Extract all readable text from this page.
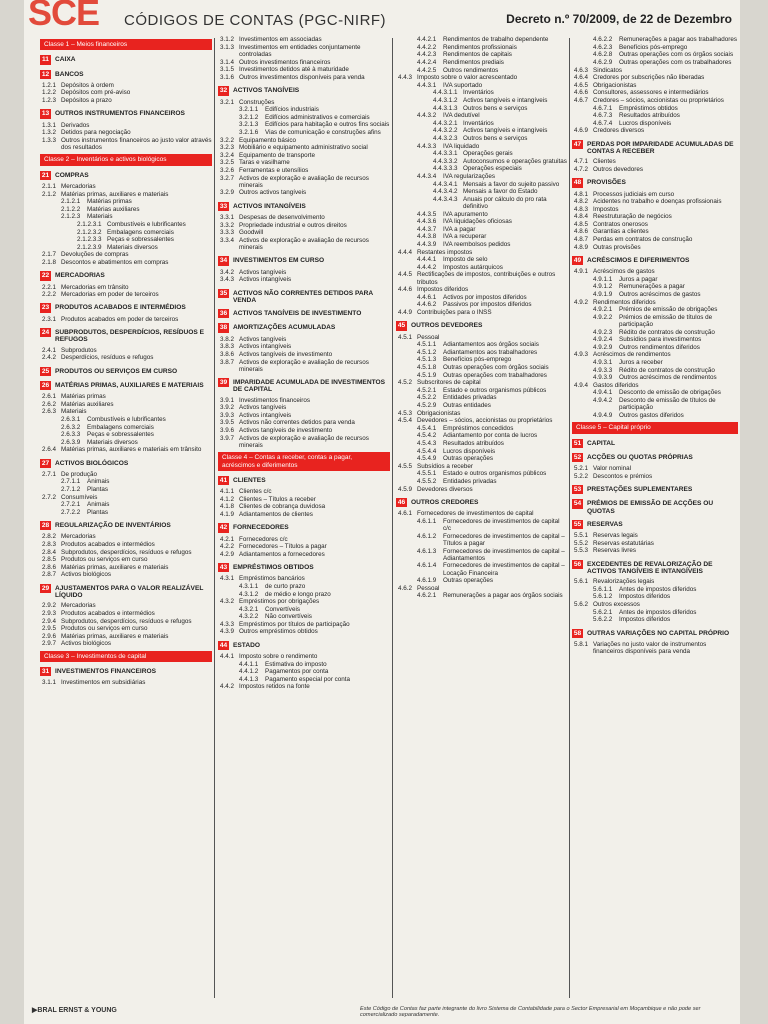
SCE CÓDIGOS DE CONTAS (PGC-NIRF)	Decreto n.º 70/2009, de 22 de Dezembro
Classe 1 – Meios financeiros
11 CAIXA
12 BANCOS
1.2.1 Depósitos à ordem
1.2.2 Depósitos com pré-aviso
1.2.3 Depósitos a prazo
13 OUTROS INSTRUMENTOS FINANCEIROS
1.3.1 Derivados
1.3.2 Detidos para negociação
1.3.3 Outros instrumentos financeiros ao justo valor através dos resultados
Classe 2 – Inventários e activos biológicos
21 COMPRAS
2.1.1 Mercadorias
2.1.2 Matérias primas, auxiliares e materiais
2.1.2.1	Matérias primas
2.1.2.2	Matérias auxiliares
2.1.2.3	Materiais
2.1.2.3.1 Combustíveis e lubrificantes
2.1.2.3.2 Embalagens comerciais
2.1.2.3.3 Peças e sobressalentes
2.1.2.3.9 Materiais diversos
2.1.7 Devoluções de compras
2.1.8 Descontos e abatimentos em compras
22 MERCADORIAS
2.2.1 Mercadorias em trânsito
2.2.2 Mercadorias em poder de terceiros
23 PRODUTOS ACABADOS E INTERMÉDIOS
2.3.1 Produtos acabados em poder de terceiros
24 SUBPRODUTOS, DESPERDÍCIOS, RESÍDUOS E REFUGOS
2.4.1 Subprodutos
2.4.2 Desperdícios, resíduos e refugos
25 PRODUTOS OU SERVIÇOS EM CURSO
26 MATÉRIAS PRIMAS, AUXILIARES E MATERIAIS
2.6.1 Matérias primas
2.6.2 Matérias auxiliares
2.6.3 Materiais
2.6.3.1	Combustíveis e lubrificantes
2.6.3.2	Embalagens comerciais
2.6.3.3	Peças e sobressalentes
2.6.3.9	Materiais diversos
2.6.4 Matérias primas, auxiliares e materiais em trânsito
27 ACTIVOS BIOLÓGICOS
2.7.1 De produção
2.7.1.1	Animais
2.7.1.2	Plantas
2.7.2 Consumíveis
2.7.2.1	Animais
2.7.2.2	Plantas
28 REGULARIZAÇÃO DE INVENTÁRIOS
2.8.2 Mercadorias
2.8.3 Produtos acabados e intermédios
2.8.4 Subprodutos, desperdícios, resíduos e refugos
2.8.5 Produtos ou serviços em curso
2.8.6 Matérias primas, auxiliares e materiais
2.8.7 Activos biológicos
29 AJUSTAMENTOS PARA O VALOR REALIZÁVEL LÍQUIDO
2.9.2 Mercadorias
2.9.3 Produtos acabados e intermédios
2.9.4 Subprodutos, desperdícios, resíduos e refugos
2.9.5 Produtos ou serviços em curso
2.9.6 Matérias primas, auxiliares e materiais
2.9.7 Activos biológicos
Classe 3 – Investimentos de capital
31 INVESTIMENTOS FINANCEIROS
3.1.1 Investimentos em subsidiárias
3.1.2 Investimentos em associadas
3.1.3 Investimentos em entidades conjuntamente controladas
3.1.4 Outros investimentos financeiros
3.1.5 Investimentos detidos até à maturidade
3.1.6 Outros investimentos disponíveis para venda
32 ACTIVOS TANGÍVEIS
3.2.1 Construções
3.2.1.1	Edifícios industriais
3.2.1.2	Edifícios administrativos e comerciais
3.2.1.3	Edifícios para habitação e outros fins sociais
3.2.1.6	Vias de comunicação e construções afins
3.2.2 Equipamento básico
3.2.3 Mobiliário e equipamento administrativo social
3.2.4 Equipamento de transporte
3.2.5 Taras e vasilhame
3.2.6 Ferramentas e utensílios
3.2.7 Activos de exploração e avaliação de recursos minerais
3.2.9 Outros activos tangíveis
33 ACTIVOS INTANGÍVEIS
3.3.1 Despesas de desenvolvimento
3.3.2 Propriedade industrial e outros direitos
3.3.3 Goodwill
3.3.4 Activos de exploração e avaliação de recursos minerais
34 INVESTIMENTOS EM CURSO
3.4.2 Activos tangíveis
3.4.3 Activos intangíveis
35 ACTIVOS NÃO CORRENTES DETIDOS PARA VENDA
36 ACTIVOS TANGÍVEIS DE INVESTIMENTO
38 AMORTIZAÇÕES ACUMULADAS
3.8.2 Activos tangíveis
3.8.3 Activos intangíveis
3.8.6 Activos tangíveis de investimento
3.8.7 Activos de exploração e avaliação de recursos minerais
39 IMPARIDADE ACUMULADA DE INVESTIMENTOS DE CAPITAL
3.9.1 Investimentos financeiros
3.9.2 Activos tangíveis
3.9.3 Activos intangíveis
3.9.5 Activos não correntes detidos para venda
3.9.6 Activos tangíveis de investimento
3.9.7 Activos de exploração e avaliação de recursos minerais
Classe 4 – Contas a receber, contas a pagar, acréscimos e diferimentos
41 CLIENTES
4.1.1 Clientes c/c
4.1.2 Clientes – Títulos a receber
4.1.8 Clientes de cobrança duvidosa
4.1.9 Adiantamentos de clientes
42 FORNECEDORES
4.2.1 Fornecedores c/c
4.2.2 Fornecedores – Títulos a pagar
4.2.9 Adiantamentos a fornecedores
43 EMPRÉSTIMOS OBTIDOS
4.3.1 Empréstimos bancários
4.3.1.1	de curto prazo
4.3.1.2	de médio e longo prazo
4.3.2 Empréstimos por obrigações
4.3.2.1	Convertíveis
4.3.2.2	Não convertíveis
4.3.3 Empréstimos por títulos de participação
4.3.9 Outros empréstimos obtidos
44 ESTADO
4.4.1 Imposto sobre o rendimento
4.4.1.1	Estimativa do imposto
4.4.1.2	Pagamentos por conta
4.4.1.3	Pagamento especial por conta
4.4.2 Impostos retidos na fonte
4.4.2.1	Rendimentos de trabalho dependente
4.4.2.2	Rendimentos profissionais
4.4.2.3	Rendimentos de capitais
4.4.2.4	Rendimentos prediais
4.4.2.5	Outros rendimentos
4.4.3 Imposto sobre o valor acrescentado
4.4.3.1	IVA suportado
4.4.3.1.1 Inventários
4.4.3.1.2 Activos tangíveis e intangíveis
4.4.3.1.3 Outros bens e serviços
4.4.3.2	IVA dedutível
4.4.3.2.1 Inventários
4.4.3.2.2 Activos tangíveis e intangíveis
4.4.3.2.3 Outros bens e serviços
4.4.3.3	IVA liquidado
4.4.3.3.1 Operações gerais
4.4.3.3.2 Autoconsumos e operações gratuitas
4.4.3.3.3 Operações especiais
4.4.3.4	IVA regularizações
4.4.3.4.1 Mensais a favor do sujeito passivo
4.4.3.4.2 Mensais a favor do Estado
4.4.3.4.3 Anuais por cálculo do pro rata definitivo
4.4.3.5	IVA apuramento
4.4.3.6	IVA liquidações oficiosas
4.4.3.7	IVA a pagar
4.4.3.8	IVA a recuperar
4.4.3.9	IVA reembolsos pedidos
4.4.4 Restantes impostos
4.4.4.1	Imposto de selo
4.4.4.2	Impostos autárquicos
4.4.5 Rectificações de impostos, contribuições e outros tributos
4.4.6 Impostos diferidos
4.4.6.1	Activos por impostos diferidos
4.4.6.2	Passivos por impostos diferidos
4.4.9 Contribuições para o INSS
45 OUTROS DEVEDORES
4.5.1 Pessoal
4.5.1.1	Adiantamentos aos órgãos sociais
4.5.1.2	Adiantamentos aos trabalhadores
4.5.1.3	Benefícios pós-emprego
4.5.1.8	Outras operações com órgãos sociais
4.5.1.9	Outras operações com trabalhadores
4.5.2 Subscritores de capital
4.5.2.1	Estado e outros organismos públicos
4.5.2.2	Entidades privadas
4.5.2.9	Outras entidades
4.5.3 Obrigacionistas
4.5.4 Devedores – sócios, accionistas ou proprietários
4.5.4.1	Empréstimos concedidos
4.5.4.2	Adiantamento por conta de lucros
4.5.4.3	Resultados atribuídos
4.5.4.4	Lucros disponíveis
4.5.4.9	Outras operações
4.5.5 Subsídios a receber
4.5.5.1	Estado e outros organismos públicos
4.5.5.2	Entidades privadas
4.5.9 Devedores diversos
46 OUTROS CREDORES
4.6.1 Fornecedores de investimentos de capital
4.6.1.1	Fornecedores de investimentos de capital c/c
4.6.1.2	Fornecedores de investimentos de capital – Títulos a pagar
4.6.1.3	Fornecedores de investimentos de capital – Adiantamentos
4.6.1.4	Fornecedores de investimentos de capital – Locação Financeira
4.6.1.9	Outras operações
4.6.2 Pessoal
4.6.2.1	Remunerações a pagar aos órgãos sociais
4.6.2.2	Remunerações a pagar aos trabalhadores
4.6.2.3	Benefícios pós-emprego
4.6.2.8	Outras operações com os órgãos sociais
4.6.2.9	Outras operações com os trabalhadores
4.6.3 Sindicatos
4.6.4 Credores por subscrições não liberadas
4.6.5 Obrigacionistas
4.6.6 Consultores, assessores e intermediários
4.6.7 Credores – sócios, accionistas ou proprietários
4.6.7.1	Empréstimos obtidos
4.6.7.3	Resultados atribuídos
4.6.7.4	Lucros disponíveis
4.6.9 Credores diversos
47 PERDAS POR IMPARIDADE ACUMULADAS DE CONTAS A RECEBER
4.7.1 Clientes
4.7.2 Outros devedores
48 PROVISÕES
4.8.1 Processos judiciais em curso
4.8.2 Acidentes no trabalho e doenças profissionais
4.8.3 Impostos
4.8.4 Reestruturação de negócios
4.8.5 Contratos onerosos
4.8.6 Garantias a clientes
4.8.7 Perdas em contratos de construção
4.8.9 Outras provisões
49 ACRÉSCIMOS E DIFERIMENTOS
4.9.1 Acréscimos de gastos
4.9.1.1	Juros a pagar
4.9.1.2	Remunerações a pagar
4.9.1.9	Outros acréscimos de gastos
4.9.2 Rendimentos diferidos
4.9.2.1	Prémios de emissão de obrigações
4.9.2.2	Prémios de emissão de títulos de participação
4.9.2.3	Rédito de contratos de construção
4.9.2.4	Subsídios para investimentos
4.9.2.9	Outros rendimentos diferidos
4.9.3 Acréscimos de rendimentos
4.9.3.1	Juros a receber
4.9.3.3	Rédito de contratos de construção
4.9.3.9	Outros acréscimos de rendimentos
4.9.4 Gastos diferidos
4.9.4.1	Desconto de emissão de obrigações
4.9.4.2	Desconto de emissão de títulos de participação
4.9.4.9	Outros gastos diferidos
Classe 5 – Capital próprio
51 CAPITAL
52 ACÇÕES OU QUOTAS PRÓPRIAS
5.2.1 Valor nominal
5.2.2 Descontos e prémios
53 PRESTAÇÕES SUPLEMENTARES
54 PRÉMIOS DE EMISSÃO DE ACÇÕES OU QUOTAS
55 RESERVAS
5.5.1 Reservas legais
5.5.2 Reservas estatutárias
5.5.3 Reservas livres
56 EXCEDENTES DE REVALORIZAÇÃO DE ACTIVOS TANGÍVEIS E INTANGÍVEIS
5.6.1 Revalorizações legais
5.6.1.1	Antes de impostos diferidos
5.6.1.2	Impostos diferidos
5.6.2 Outros excessos
5.6.2.1	Antes de impostos diferidos
5.6.2.2	Impostos diferidos
58 OUTRAS VARIAÇÕES NO CAPITAL PRÓPRIO
5.8.1 Variações no justo valor de instrumentos financeiros disponíveis para venda
▶BRAL ERNST & YOUNG	Este Código de Contas faz parte integrante do livro Sistema de Contabilidade para o Sector Empresarial em Moçambique e não pode ser comercializado separadamente.
